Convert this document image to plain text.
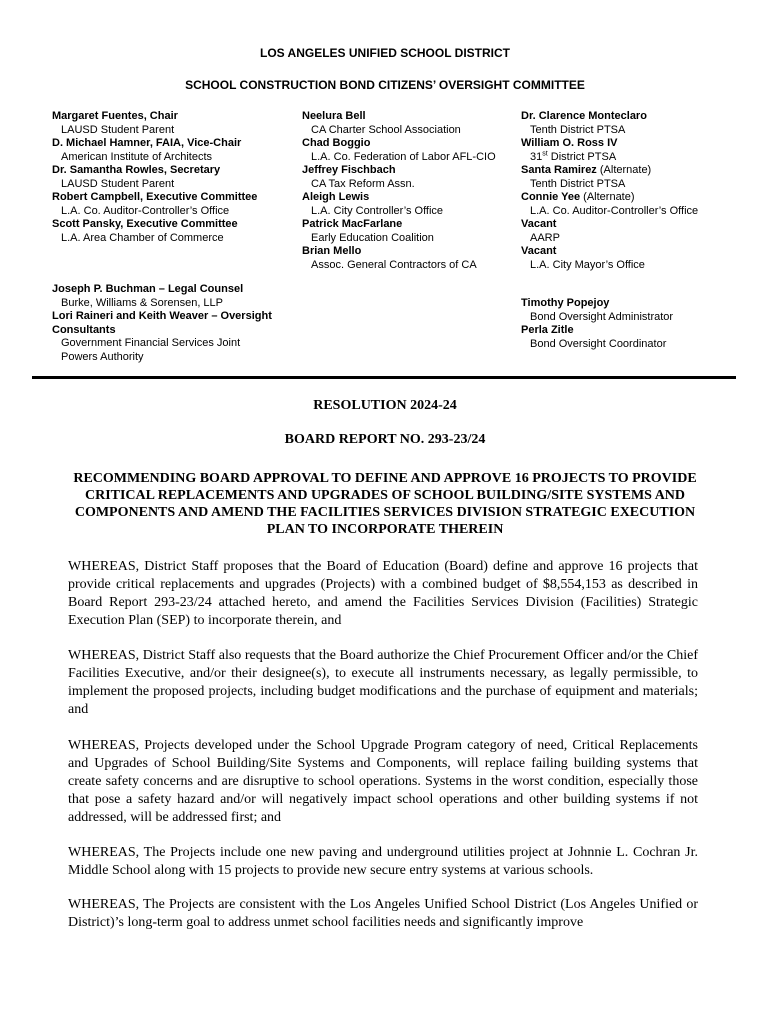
LOS ANGELES UNIFIED SCHOOL DISTRICT
SCHOOL CONSTRUCTION BOND CITIZENS’ OVERSIGHT COMMITTEE
Margaret Fuentes, Chair
LAUSD Student Parent
D. Michael Hamner, FAIA, Vice-Chair
American Institute of Architects
Dr. Samantha Rowles, Secretary
LAUSD Student Parent
Robert Campbell, Executive Committee
L.A. Co. Auditor-Controller’s Office
Scott Pansky, Executive Committee
L.A. Area Chamber of Commerce
Neelura Bell
CA Charter School Association
Chad Boggio
L.A. Co. Federation of Labor AFL-CIO
Jeffrey Fischbach
CA Tax Reform Assn.
Aleigh Lewis
L.A. City Controller’s Office
Patrick MacFarlane
Early Education Coalition
Brian Mello
Assoc. General Contractors of CA
Dr. Clarence Monteclaro
Tenth District PTSA
William O. Ross IV
31st District PTSA
Santa Ramirez (Alternate)
Tenth District PTSA
Connie Yee (Alternate)
L.A. Co. Auditor-Controller’s Office
Vacant
AARP
Vacant
L.A. City Mayor’s Office
Joseph P. Buchman – Legal Counsel
Burke, Williams & Sorensen, LLP
Lori Raineri and Keith Weaver – Oversight
Consultants
Government Financial Services Joint
Powers Authority
Timothy Popejoy
Bond Oversight Administrator
Perla Zitle
Bond Oversight Coordinator
RESOLUTION 2024-24
BOARD REPORT NO. 293-23/24
RECOMMENDING BOARD APPROVAL TO DEFINE AND APPROVE 16 PROJECTS TO PROVIDE CRITICAL REPLACEMENTS AND UPGRADES OF SCHOOL BUILDING/SITE SYSTEMS AND COMPONENTS AND AMEND THE FACILITIES SERVICES DIVISION STRATEGIC EXECUTION PLAN TO INCORPORATE THEREIN

WHEREAS, District Staff proposes that the Board of Education (Board) define and approve 16 projects that provide critical replacements and upgrades (Projects) with a combined budget of $8,554,153 as described in Board Report 293-23/24 attached hereto, and amend the Facilities Services Division (Facilities) Strategic Execution Plan (SEP) to incorporate therein, and

WHEREAS, District Staff also requests that the Board authorize the Chief Procurement Officer and/or the Chief Facilities Executive, and/or their designee(s), to execute all instruments necessary, as legally permissible, to implement the proposed projects, including budget modifications and the purchase of equipment and materials; and

WHEREAS, Projects developed under the School Upgrade Program category of need, Critical Replacements and Upgrades of School Building/Site Systems and Components, will replace failing building systems that create safety concerns and are disruptive to school operations. Systems in the worst condition, especially those that pose a safety hazard and/or will negatively impact school operations and other building systems if not addressed, will be addressed first; and

WHEREAS, The Projects include one new paving and underground utilities project at Johnnie L. Cochran Jr. Middle School along with 15 projects to provide new secure entry systems at various schools.

WHEREAS, The Projects are consistent with the Los Angeles Unified School District (Los Angeles Unified or District)’s long-term goal to address unmet school facilities needs and significantly improve
